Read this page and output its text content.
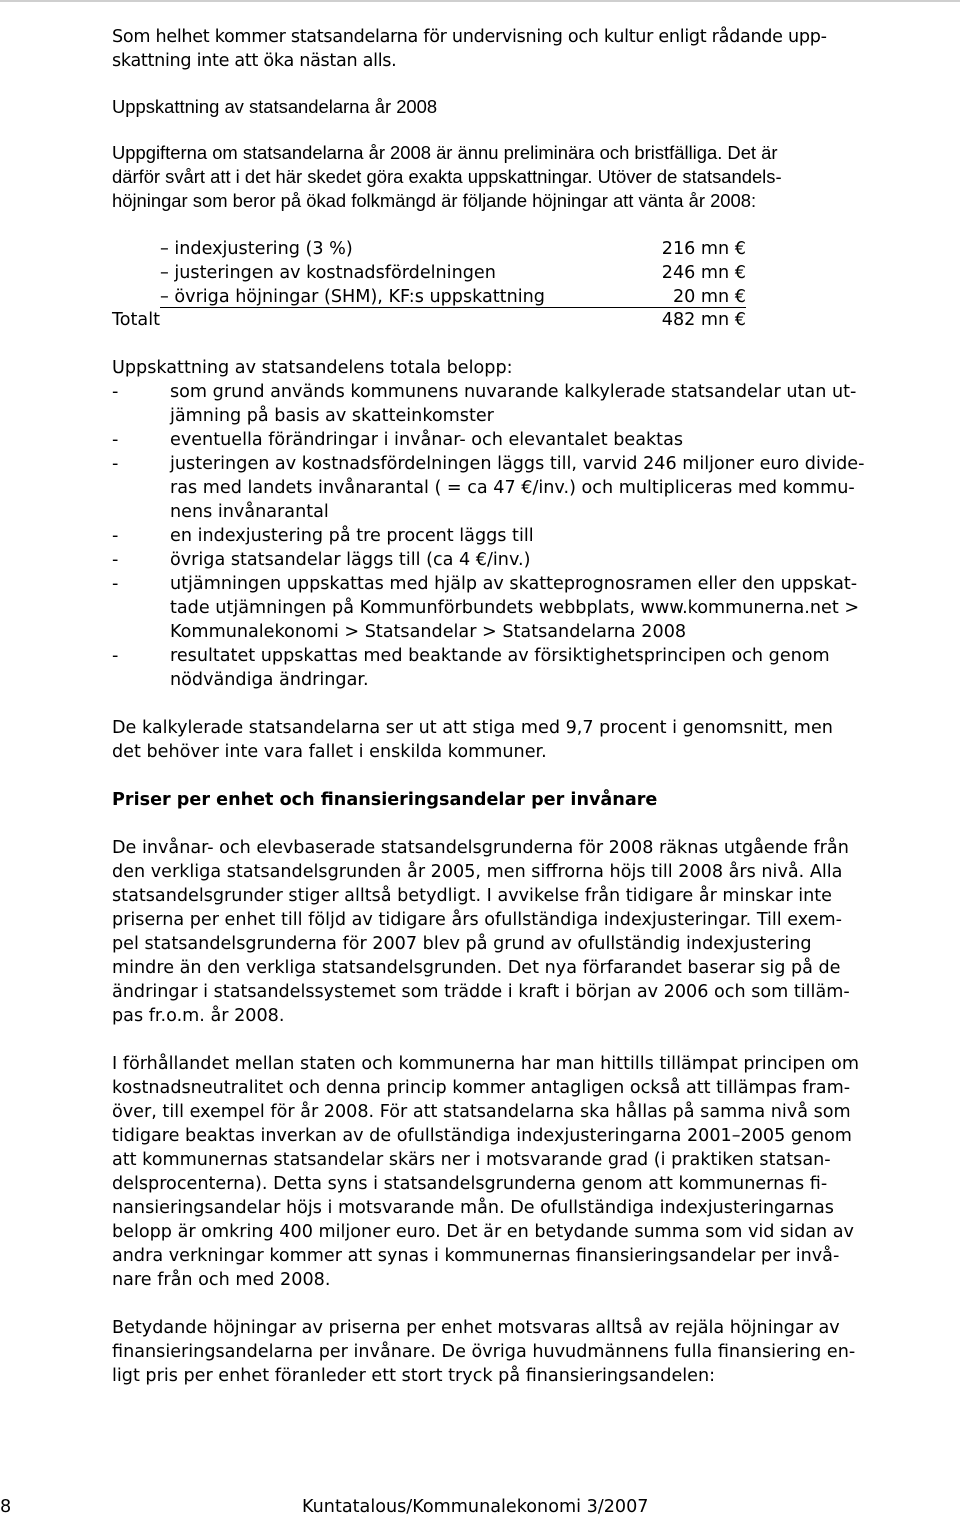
Som helhet kommer statsandelarna för undervisning och kultur enligt rådande upp-
skattning inte att öka nästan alls.

Uppskattning av statsandelarna år 2008

Uppgifterna om statsandelarna år 2008 är ännu preliminära och bristfälliga. Det är
därför svårt att i det här skedet göra exakta uppskattningar. Utöver de statsandels-
höjningar som beror på ökad folkmängd är följande höjningar att vänta år 2008:

– indexjustering (3 %)	216 mn €
– justeringen av kostnadsfördelningen	246 mn €
– övriga höjningar (SHM), KF:s uppskattning	20 mn €
Totalt	482 mn €

Uppskattning av statsandelens totala belopp:

-	som grund används kommunens nuvarande kalkylerade statsandelar utan ut-
jämning på basis av skatteinkomster
-	eventuella förändringar i invånar- och elevantalet beaktas
-	justeringen av kostnadsfördelningen läggs till, varvid 246 miljoner euro divide-
ras med landets invånarantal ( = ca 47 €/inv.) och multipliceras med kommu-
nens invånarantal
-	en indexjustering på tre procent läggs till
-	övriga statsandelar läggs till (ca 4 €/inv.)
-	utjämningen uppskattas med hjälp av skatteprognosramen eller den uppskat-
tade utjämningen på Kommunförbundets webbplats, www.kommunerna.net >
Kommunalekonomi > Statsandelar > Statsandelarna 2008
-	resultatet uppskattas med beaktande av försiktighetsprincipen och genom
nödvändiga ändringar.

De kalkylerade statsandelarna ser ut att stiga med 9,7 procent i genomsnitt, men
det behöver inte vara fallet i enskilda kommuner.

Priser per enhet och finansieringsandelar per invånare

De invånar- och elevbaserade statsandelsgrunderna för 2008 räknas utgående från
den verkliga statsandelsgrunden år 2005, men siffrorna höjs till 2008 års nivå. Alla
statsandelsgrunder stiger alltså betydligt. I avvikelse från tidigare år minskar inte
priserna per enhet till följd av tidigare års ofullständiga indexjusteringar. Till exem-
pel statsandelsgrunderna för 2007 blev på grund av ofullständig indexjustering
mindre än den verkliga statsandelsgrunden. Det nya förfarandet baserar sig på de
ändringar i statsandelssystemet som trädde i kraft i början av 2006 och som tilläm-
pas fr.o.m. år 2008.

I förhållandet mellan staten och kommunerna har man hittills tillämpat principen om
kostnadsneutralitet och denna princip kommer antagligen också att tillämpas fram-
över, till exempel för år 2008. För att statsandelarna ska hållas på samma nivå som
tidigare beaktas inverkan av de ofullständiga indexjusteringarna 2001–2005 genom
att kommunernas statsandelar skärs ner i motsvarande grad (i praktiken statsan-
delsprocenterna). Detta syns i statsandelsgrunderna genom att kommunernas fi-
nansieringsandelar höjs i motsvarande mån. De ofullständiga indexjusteringarnas
belopp är omkring 400 miljoner euro. Det är en betydande summa som vid sidan av
andra verkningar kommer att synas i kommunernas finansieringsandelar per invå-
nare från och med 2008.

Betydande höjningar av priserna per enhet motsvaras alltså av rejäla höjningar av
finansieringsandelarna per invånare. De övriga huvudmännens fulla finansiering en-
ligt pris per enhet föranleder ett stort tryck på finansieringsandelen:

8	Kuntatalous/Kommunalekonomi 3/2007
